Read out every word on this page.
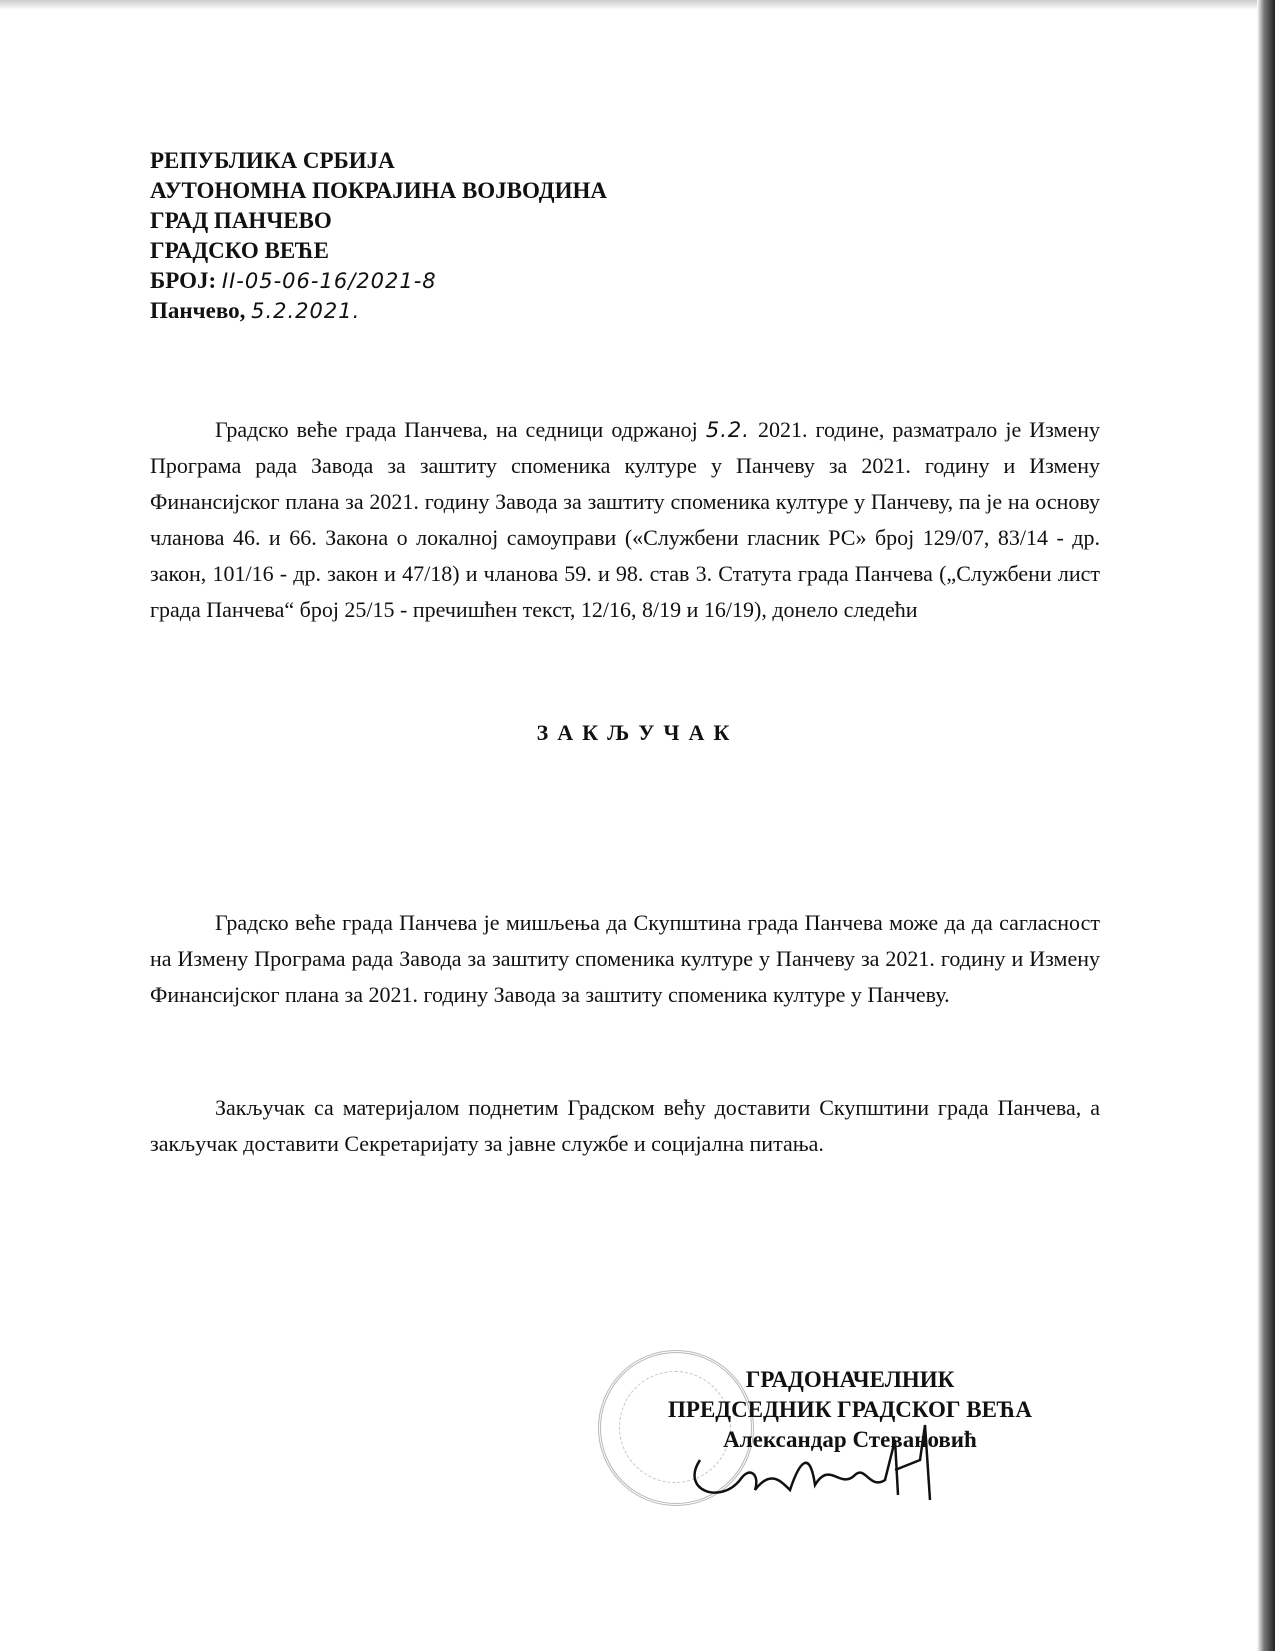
РЕПУБЛИКА СРБИЈА
АУТОНОМНА ПОКРАЈИНА ВОЈВОДИНА
ГРАД ПАНЧЕВО
ГРАДСКО ВЕЋЕ
БРОЈ: II-05-06-16/2021-8
Панчево, 5.2.2021.
Градско веће града Панчева, на седници одржаној 5.2. 2021. године, разматрало је Измену Програма рада Завода за заштиту споменика културе у Панчеву за 2021. годину и Измену Финансијског плана за 2021. годину Завода за заштиту споменика културе у Панчеву, па је на основу чланова 46. и 66. Закона о локалној самоуправи («Службени гласник РС» број 129/07, 83/14 - др. закон, 101/16 - др. закон и 47/18) и чланова 59. и 98. став 3. Статута града Панчева („Службени лист града Панчева“ број 25/15 - пречишћен текст, 12/16, 8/19 и 16/19), донело следећи
ЗАКЉУЧАК
Градско веће града Панчева је мишљења да Скупштина града Панчева може да да сагласност на Измену Програма рада Завода за заштиту споменика културе у Панчеву за 2021. годину и Измену Финансијског плана за 2021. годину Завода за заштиту споменика културе у Панчеву.
Закључак са материјалом поднетим Градском већу доставити Скупштини града Панчева, а закључак доставити Секретаријату за јавне службе и социјална питања.
ГРАДОНАЧЕЛНИК
ПРЕДСЕДНИК ГРАДСКОГ ВЕЋА
Александар Стевановић
